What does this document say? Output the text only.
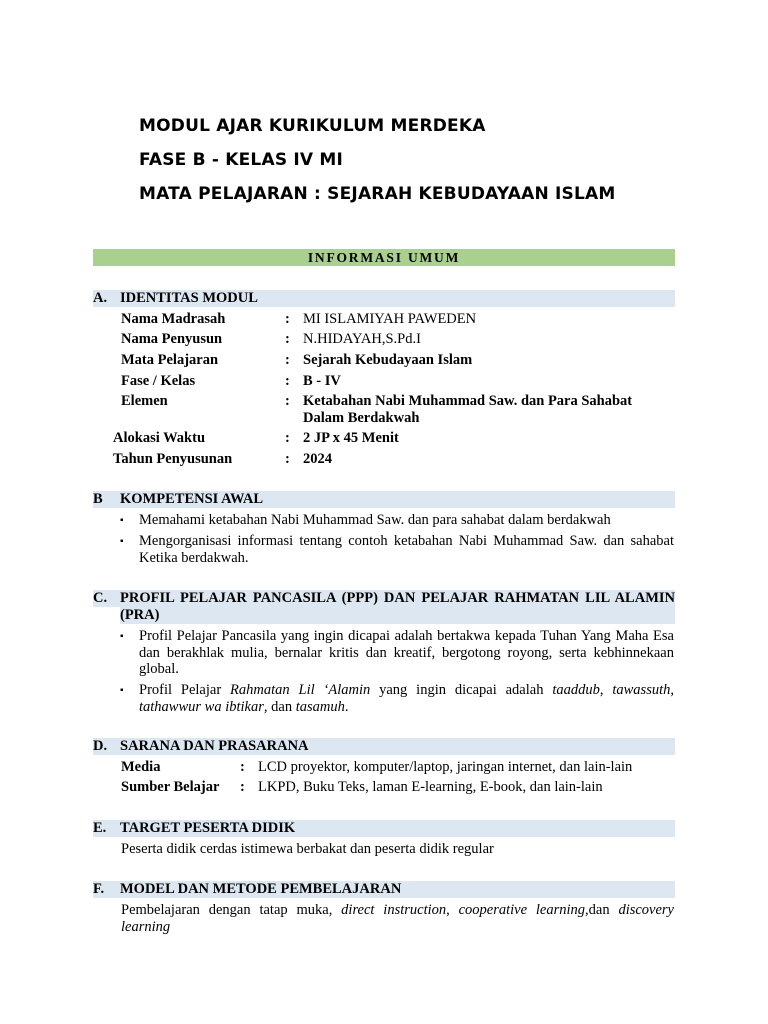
MODUL AJAR KURIKULUM MERDEKA
FASE B - KELAS IV MI
MATA PELAJARAN : SEJARAH KEBUDAYAAN ISLAM
INFORMASI UMUM
A. IDENTITAS MODUL
Nama Madrasah	: MI ISLAMIYAH PAWEDEN
Nama Penyusun	: N.HIDAYAH,S.Pd.I
Mata Pelajaran	: Sejarah Kebudayaan Islam
Fase / Kelas	: B - IV
Elemen	: Ketabahan Nabi Muhammad Saw. dan Para Sahabat
Dalam Berdakwah
Alokasi Waktu	: 2 JP x 45 Menit
Tahun Penyusunan	: 2024
B KOMPETENSI AWAL
▪ Memahami ketabahan Nabi Muhammad Saw. dan para sahabat dalam berdakwah
▪ Mengorganisasi informasi tentang contoh ketabahan Nabi Muhammad Saw. dan sahabat Ketika berdakwah.
C. PROFIL PELAJAR PANCASILA (PPP) DAN PELAJAR RAHMATAN LIL ALAMIN (PRA)
▪ Profil Pelajar Pancasila yang ingin dicapai adalah bertakwa kepada Tuhan Yang Maha Esa dan berakhlak mulia, bernalar kritis dan kreatif, bergotong royong, serta kebhinnekaan global.
▪ Profil Pelajar Rahmatan Lil ‘Alamin yang ingin dicapai adalah taaddub, tawassuth, tathawwur wa ibtikar, dan tasamuh.
D. SARANA DAN PRASARANA
Media	: LCD proyektor, komputer/laptop, jaringan internet, dan lain-lain
Sumber Belajar : LKPD, Buku Teks, laman E-learning, E-book, dan lain-lain
E. TARGET PESERTA DIDIK
Peserta didik cerdas istimewa berbakat dan peserta didik regular
F. MODEL DAN METODE PEMBELAJARAN
Pembelajaran dengan tatap muka, direct instruction, cooperative learning,dan discovery learning
